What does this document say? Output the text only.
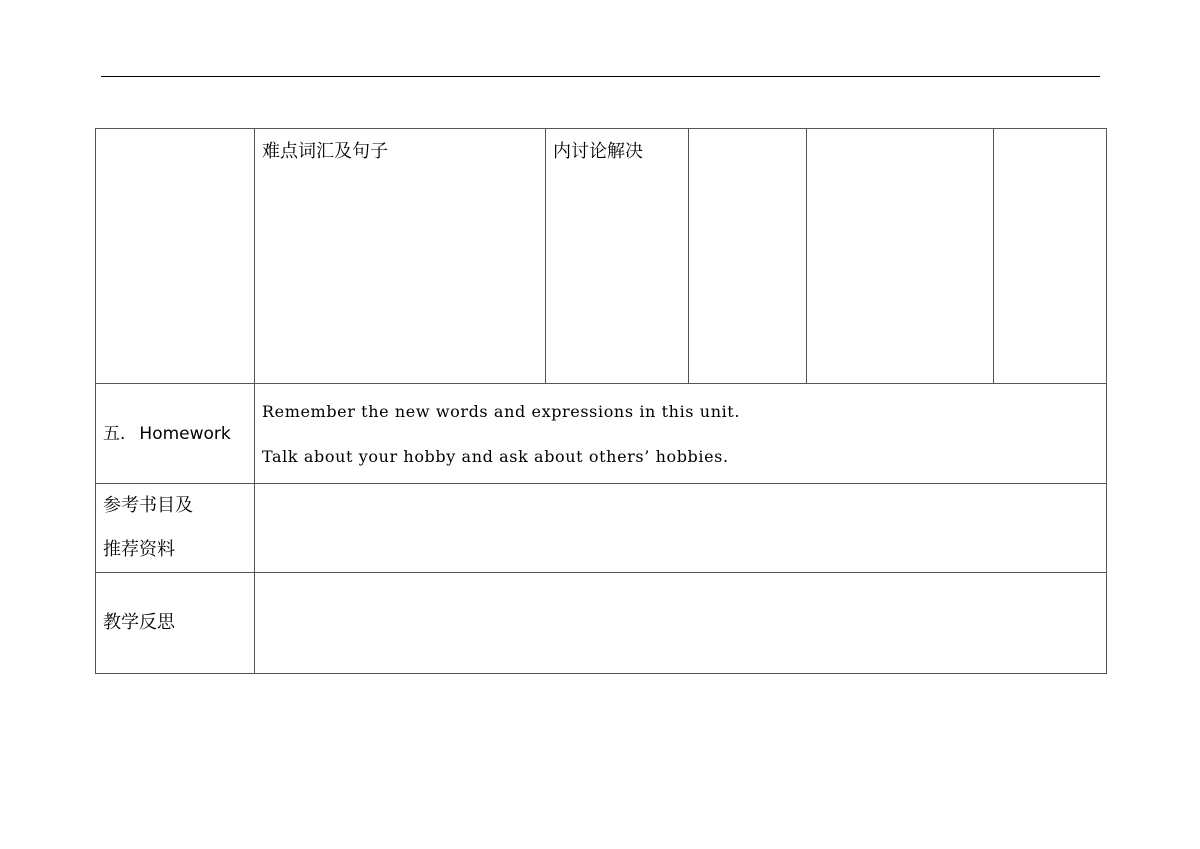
	难点词汇及句子	内讨论解决			

五. Homework	Remember the new words and expressions in this unit.
Talk about your hobby and ask about others’ hobbies.				

参考书目及
推荐资料					

教学反思					
